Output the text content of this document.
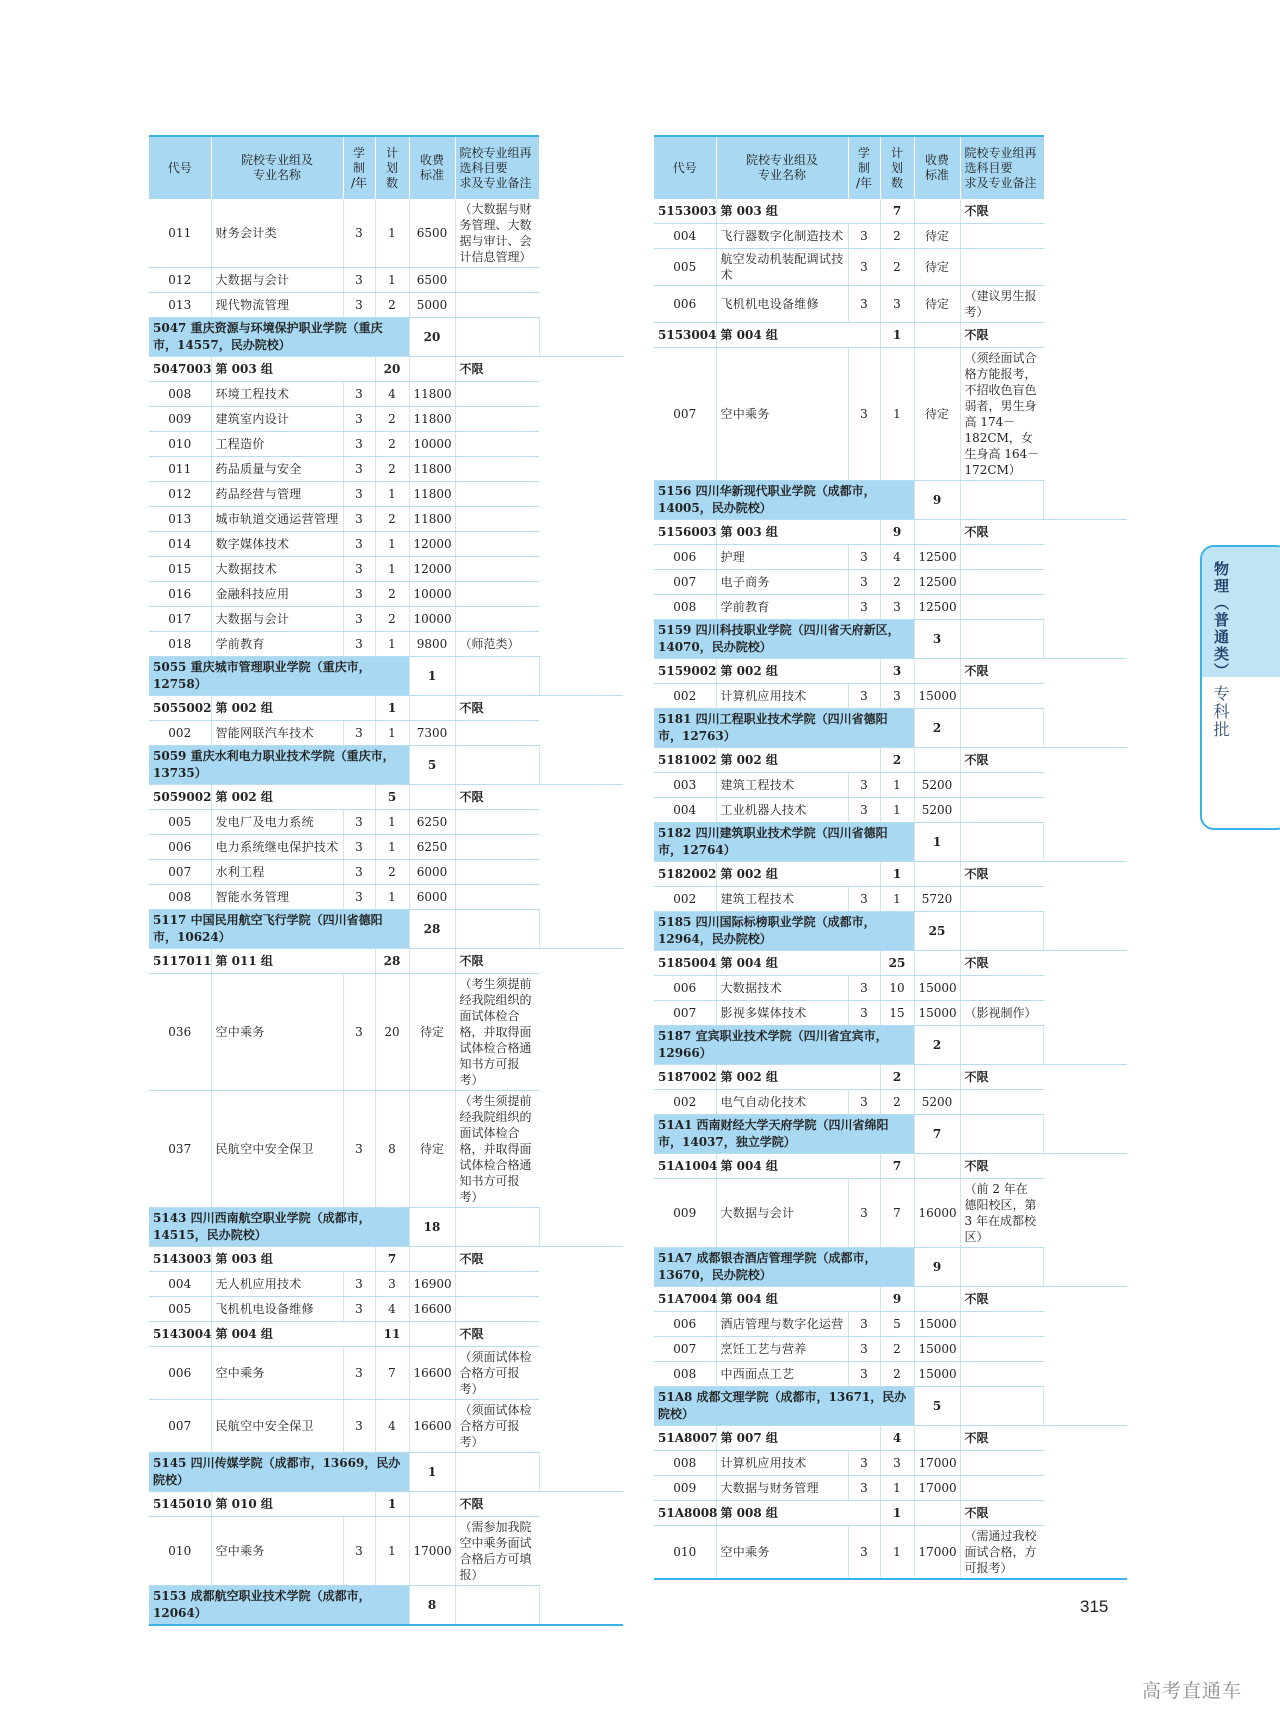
代号	院校专业组及
专业名称	学
制
/年	计
划
数	收费
标准	院校专业组再选科目要
求及专业备注	
011	财务会计类	3	1	6500	（大数据与财务管理、大数据与审计、会计信息管理）	
012	大数据与会计	3	1	6500		
013	现代物流管理	3	2	5000		
5047 重庆资源与环境保护职业学院（重庆市，14557，民办院校）				20		
5047003	第 003 组		20		不限	
008	环境工程技术	3	4	11800		
009	建筑室内设计	3	2	11800		
010	工程造价	3	2	10000		
011	药品质量与安全	3	2	11800		
012	药品经营与管理	3	1	11800		
013	城市轨道交通运营管理	3	2	11800		
014	数字媒体技术	3	1	12000		
015	大数据技术	3	1	12000		
016	金融科技应用	3	2	10000		
017	大数据与会计	3	2	10000		
018	学前教育	3	1	9800	（师范类）	
5055 重庆城市管理职业学院（重庆市，12758）				1		
5055002	第 002 组		1		不限	
002	智能网联汽车技术	3	1	7300		
5059 重庆水利电力职业技术学院（重庆市，13735）				5		
5059002	第 002 组		5		不限	
005	发电厂及电力系统	3	1	6250		
006	电力系统继电保护技术	3	1	6250		
007	水利工程	3	2	6000		
008	智能水务管理	3	1	6000		
5117 中国民用航空飞行学院（四川省德阳市，10624）				28		
5117011	第 011 组		28		不限	
036	空中乘务	3	20	待定	（考生须提前经我院组织的面试体检合格，并取得面试体检合格通知书方可报考）	
037	民航空中安全保卫	3	8	待定	（考生须提前经我院组织的面试体检合格，并取得面试体检合格通知书方可报考）	
5143 四川西南航空职业学院（成都市，14515，民办院校）				18		
5143003	第 003 组		7		不限	
004	无人机应用技术	3	3	16900		
005	飞机机电设备维修	3	4	16600		
5143004	第 004 组		11		不限	
006	空中乘务	3	7	16600	（须面试体检合格方可报考）	
007	民航空中安全保卫	3	4	16600	（须面试体检合格方可报考）	
5145 四川传媒学院（成都市，13669，民办院校）				1		
5145010	第 010 组		1		不限	
010	空中乘务	3	1	17000	（需参加我院空中乘务面试合格后方可填报）	
5153 成都航空职业技术学院（成都市，12064）				8		
代号	院校专业组及
专业名称	学
制
/年	计
划
数	收费
标准	院校专业组再选科目要
求及专业备注	
5153003	第 003 组		7		不限	
004	飞行器数字化制造技术	3	2	待定		
005	航空发动机装配调试技术	3	2	待定		
006	飞机机电设备维修	3	3	待定	（建议男生报考）	
5153004	第 004 组		1		不限	
007	空中乘务	3	1	待定	（须经面试合格方能报考，不招收色盲色弱者，男生身高 174－182CM，女生身高 164－172CM）	
5156 四川华新现代职业学院（成都市，14005，民办院校）				9		
5156003	第 003 组		9		不限	
006	护理	3	4	12500		
007	电子商务	3	2	12500		
008	学前教育	3	3	12500		
5159 四川科技职业学院（四川省天府新区，14070，民办院校）				3		
5159002	第 002 组		3		不限	
002	计算机应用技术	3	3	15000		
5181 四川工程职业技术学院（四川省德阳市，12763）				2		
5181002	第 002 组		2		不限	
003	建筑工程技术	3	1	5200		
004	工业机器人技术	3	1	5200		
5182 四川建筑职业技术学院（四川省德阳市，12764）				1		
5182002	第 002 组		1		不限	
002	建筑工程技术	3	1	5720		
5185 四川国际标榜职业学院（成都市，12964，民办院校）				25		
5185004	第 004 组		25		不限	
006	大数据技术	3	10	15000		
007	影视多媒体技术	3	15	15000	（影视制作）	
5187 宜宾职业技术学院（四川省宜宾市，12966）				2		
5187002	第 002 组		2		不限	
002	电气自动化技术	3	2	5200		
51A1 西南财经大学天府学院（四川省绵阳市，14037，独立学院）				7		
51A1004	第 004 组		7		不限	
009	大数据与会计	3	7	16000	（前 2 年在德阳校区，第 3 年在成都校区）	
51A7 成都银杏酒店管理学院（成都市，13670，民办院校）				9		
51A7004	第 004 组		9		不限	
006	酒店管理与数字化运营	3	5	15000		
007	烹饪工艺与营养	3	2	15000		
008	中西面点工艺	3	2	15000		
51A8 成都文理学院（成都市，13671，民办院校）				5		
51A8007	第 007 组		4		不限	
008	计算机应用技术	3	3	17000		
009	大数据与财务管理	3	1	17000		
51A8008	第 008 组		1		不限	
010	空中乘务	3	1	17000	（需通过我校面试合格，方可报考）	
物理（普通类）
专科批
315
高考直通车
